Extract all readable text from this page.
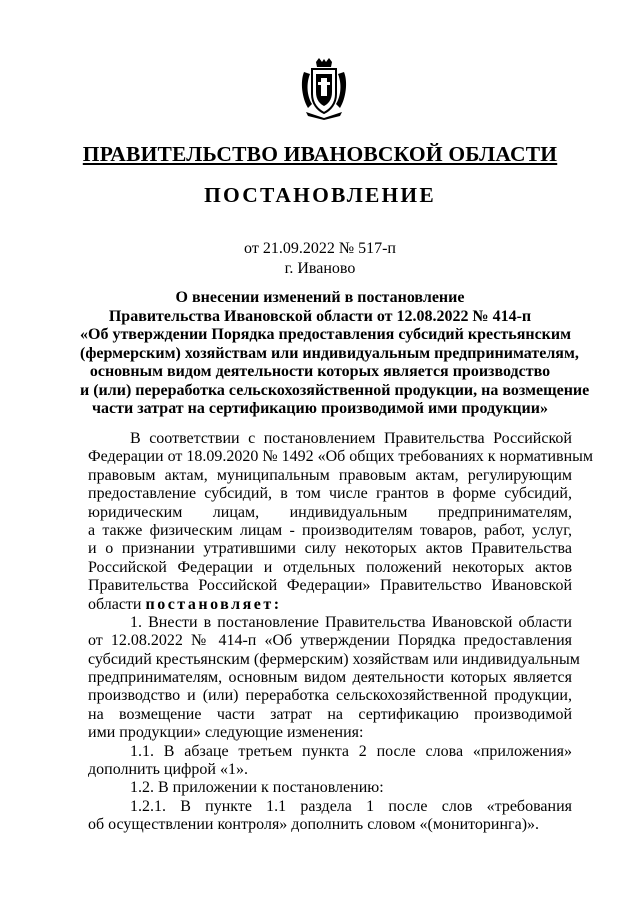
ПРАВИТЕЛЬСТВО ИВАНОВСКОЙ ОБЛАСТИ
ПОСТАНОВЛЕНИЕ
от 21.09.2022 № 517-п
г. Иваново
О внесении изменений в постановление
Правительства Ивановской области от 12.08.2022 № 414-п
«Об утверждении Порядка предоставления субсидий крестьянским
(фермерским) хозяйствам или индивидуальным предпринимателям,
основным видом деятельности которых является производство
и (или) переработка сельскохозяйственной продукции, на возмещение
части затрат на сертификацию производимой ими продукции»
В соответствии с постановлением Правительства Российской
Федерации от 18.09.2020 № 1492 «Об общих требованиях к нормативным
правовым актам, муниципальным правовым актам, регулирующим
предоставление субсидий, в том числе грантов в форме субсидий,
юридическим лицам, индивидуальным предпринимателям,
а также физическим лицам - производителям товаров, работ, услуг,
и о признании утратившими силу некоторых актов Правительства
Российской Федерации и отдельных положений некоторых актов
Правительства Российской Федерации» Правительство Ивановской
области постановляет:
1. Внести в постановление Правительства Ивановской области
от 12.08.2022 № 414-п «Об утверждении Порядка предоставления
субсидий крестьянским (фермерским) хозяйствам или индивидуальным
предпринимателям, основным видом деятельности которых является
производство и (или) переработка сельскохозяйственной продукции,
на возмещение части затрат на сертификацию производимой
ими продукции» следующие изменения:
1.1. В абзаце третьем пункта 2 после слова «приложения»
дополнить цифрой «1».
1.2. В приложении к постановлению:
1.2.1. В пункте 1.1 раздела 1 после слов «требования
об осуществлении контроля» дополнить словом «(мониторинга)».
